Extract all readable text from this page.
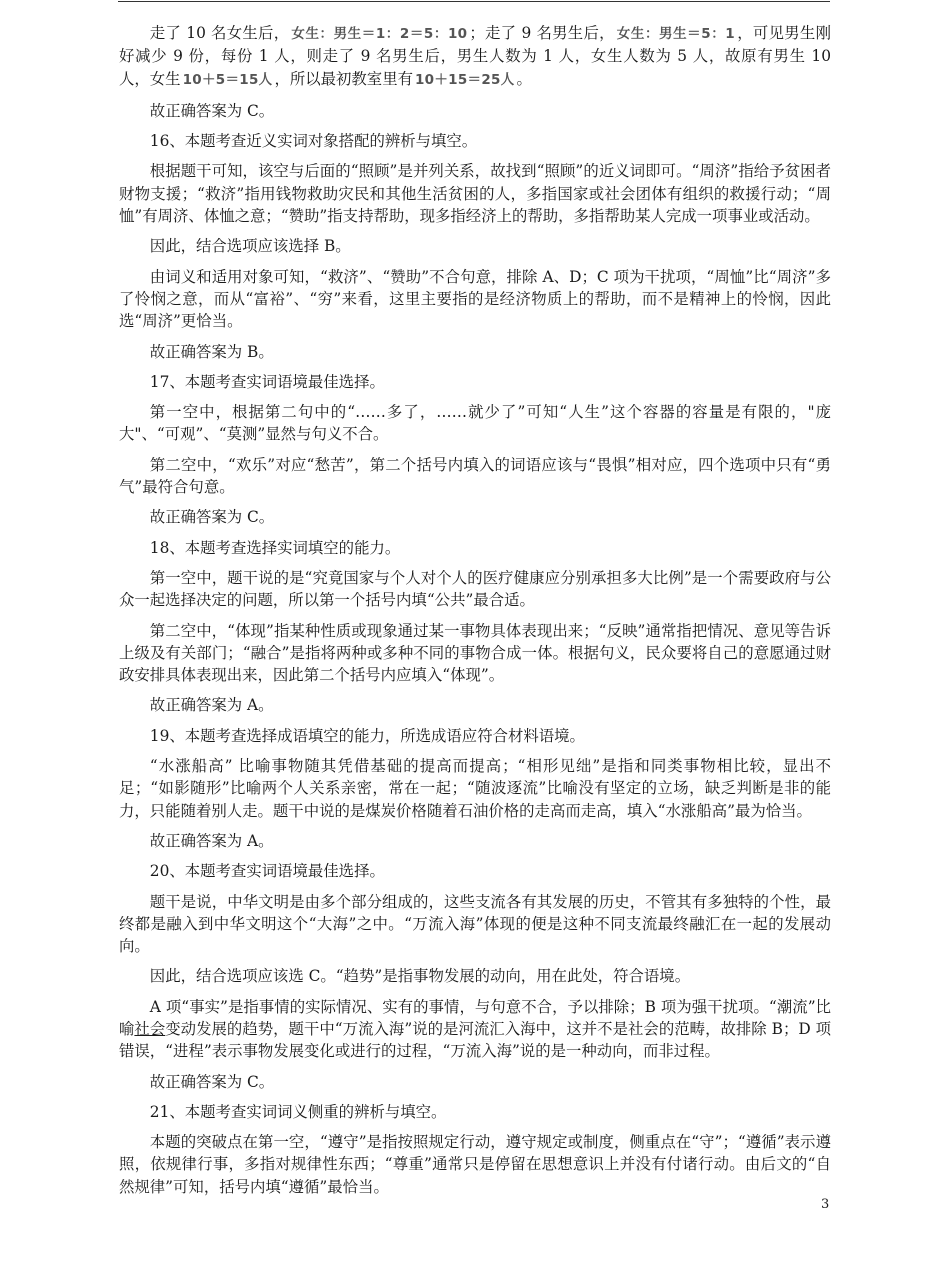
走了 10 名女生后， 女生：男生＝1：2＝5：10 ；走了 9 名男生后， 女生：男生＝5：1 ，可见男生刚好减少 9 份，每份 1 人，则走了 9 名男生后，男生人数为 1 人，女生人数为 5 人，故原有男生 10 人，女生 10＋5＝15人 ，所以最初教室里有 10＋15＝25人 。

故正确答案为 C。

16、本题考查近义实词对象搭配的辨析与填空。

根据题干可知，该空与后面的“照顾”是并列关系，故找到“照顾”的近义词即可。“周济”指给予贫困者财物支援；“救济”指用钱物救助灾民和其他生活贫困的人，多指国家或社会团体有组织的救援行动；“周恤”有周济、体恤之意；“赞助”指支持帮助，现多指经济上的帮助，多指帮助某人完成一项事业或活动。

因此，结合选项应该选择 B。

由词义和适用对象可知，“救济”、“赞助”不合句意，排除 A、D；C 项为干扰项，“周恤”比“周济”多了怜悯之意，而从“富裕”、“穷”来看，这里主要指的是经济物质上的帮助，而不是精神上的怜悯，因此选“周济”更恰当。

故正确答案为 B。

17、本题考查实词语境最佳选择。

第一空中，根据第二句中的“……多了，……就少了”可知“人生”这个容器的容量是有限的，"庞大"、“可观”、“莫测”显然与句义不合。

第二空中，“欢乐”对应“愁苦”，第二个括号内填入的词语应该与“畏惧”相对应，四个选项中只有“勇气”最符合句意。

故正确答案为 C。

18、本题考查选择实词填空的能力。

第一空中，题干说的是“究竟国家与个人对个人的医疗健康应分别承担多大比例”是一个需要政府与公众一起选择决定的问题，所以第一个括号内填“公共”最合适。

第二空中，“体现”指某种性质或现象通过某一事物具体表现出来；“反映”通常指把情况、意见等告诉上级及有关部门；“融合”是指将两种或多种不同的事物合成一体。根据句义，民众要将自己的意愿通过财政安排具体表现出来，因此第二个括号内应填入“体现”。

故正确答案为 A。

19、本题考查选择成语填空的能力，所选成语应符合材料语境。

“水涨船高” 比喻事物随其凭借基础的提高而提高；“相形见绌”是指和同类事物相比较，显出不足；“如影随形”比喻两个人关系亲密，常在一起；“随波逐流”比喻没有坚定的立场，缺乏判断是非的能力，只能随着别人走。题干中说的是煤炭价格随着石油价格的走高而走高，填入“水涨船高”最为恰当。

故正确答案为 A。

20、本题考查实词语境最佳选择。

题干是说，中华文明是由多个部分组成的，这些支流各有其发展的历史，不管其有多独特的个性，最终都是融入到中华文明这个“大海”之中。“万流入海”体现的便是这种不同支流最终融汇在一起的发展动向。

因此，结合选项应该选 C。“趋势”是指事物发展的动向，用在此处，符合语境。

A 项“事实”是指事情的实际情况、实有的事情，与句意不合，予以排除；B 项为强干扰项。“潮流”比喻社会变动发展的趋势，题干中“万流入海”说的是河流汇入海中，这并不是社会的范畴，故排除 B；D 项错误，“进程”表示事物发展变化或进行的过程，“万流入海”说的是一种动向，而非过程。

故正确答案为 C。

21、本题考查实词词义侧重的辨析与填空。

本题的突破点在第一空，“遵守”是指按照规定行动，遵守规定或制度，侧重点在“守”；“遵循”表示遵照，依规律行事，多指对规律性东西；“尊重”通常只是停留在思想意识上并没有付诸行动。由后文的“自然规律”可知，括号内填“遵循”最恰当。

3
